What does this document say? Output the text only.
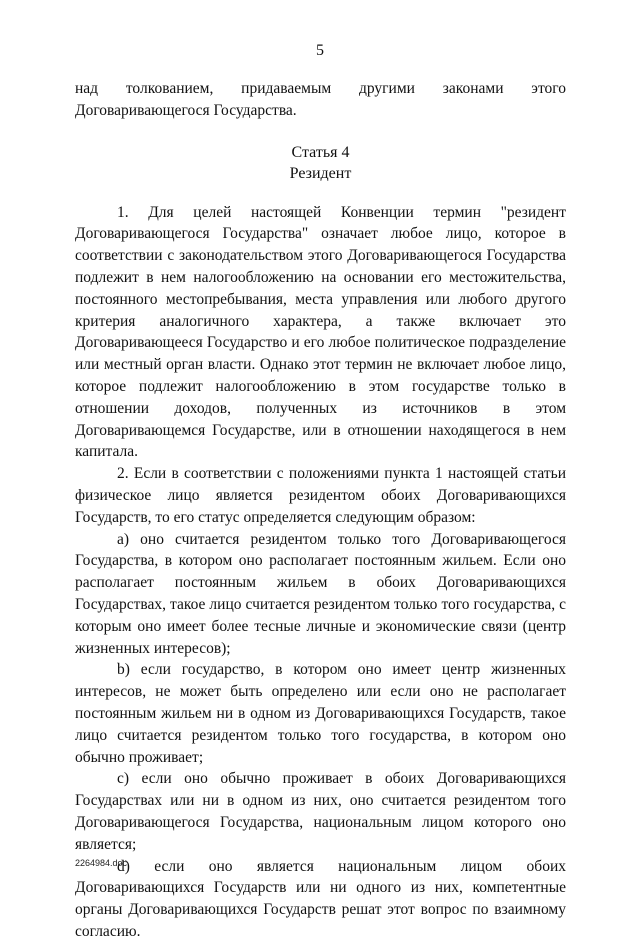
5

над толкованием, придаваемым другими законами этого Договаривающегося Государства.

Статья 4
Резидент

1. Для целей настоящей Конвенции термин "резидент Договаривающегося Государства" означает любое лицо, которое в соответствии с законодательством этого Договаривающегося Государства подлежит в нем налогообложению на основании его местожительства, постоянного местопребывания, места управления или любого другого критерия аналогичного характера, а также включает это Договаривающееся Государство и его любое политическое подразделение или местный орган власти. Однако этот термин не включает любое лицо, которое подлежит налогообложению в этом государстве только в отношении доходов, полученных из источников в этом Договаривающемся Государстве, или в отношении находящегося в нем капитала.

2. Если в соответствии с положениями пункта 1 настоящей статьи физическое лицо является резидентом обоих Договаривающихся Государств, то его статус определяется следующим образом:

a) оно считается резидентом только того Договаривающегося Государства, в котором оно располагает постоянным жильем. Если оно располагает постоянным жильем в обоих Договаривающихся Государствах, такое лицо считается резидентом только того государства, с которым оно имеет более тесные личные и экономические связи (центр жизненных интересов);

b) если государство, в котором оно имеет центр жизненных интересов, не может быть определено или если оно не располагает постоянным жильем ни в одном из Договаривающихся Государств, такое лицо считается резидентом только того государства, в котором оно обычно проживает;

c) если оно обычно проживает в обоих Договаривающихся Государствах или ни в одном из них, оно считается резидентом того Договаривающегося Государства, национальным лицом которого оно является;

d) если оно является национальным лицом обоих Договаривающихся Государств или ни одного из них, компетентные органы Договаривающихся Государств решат этот вопрос по взаимному согласию.

2264984.doc
